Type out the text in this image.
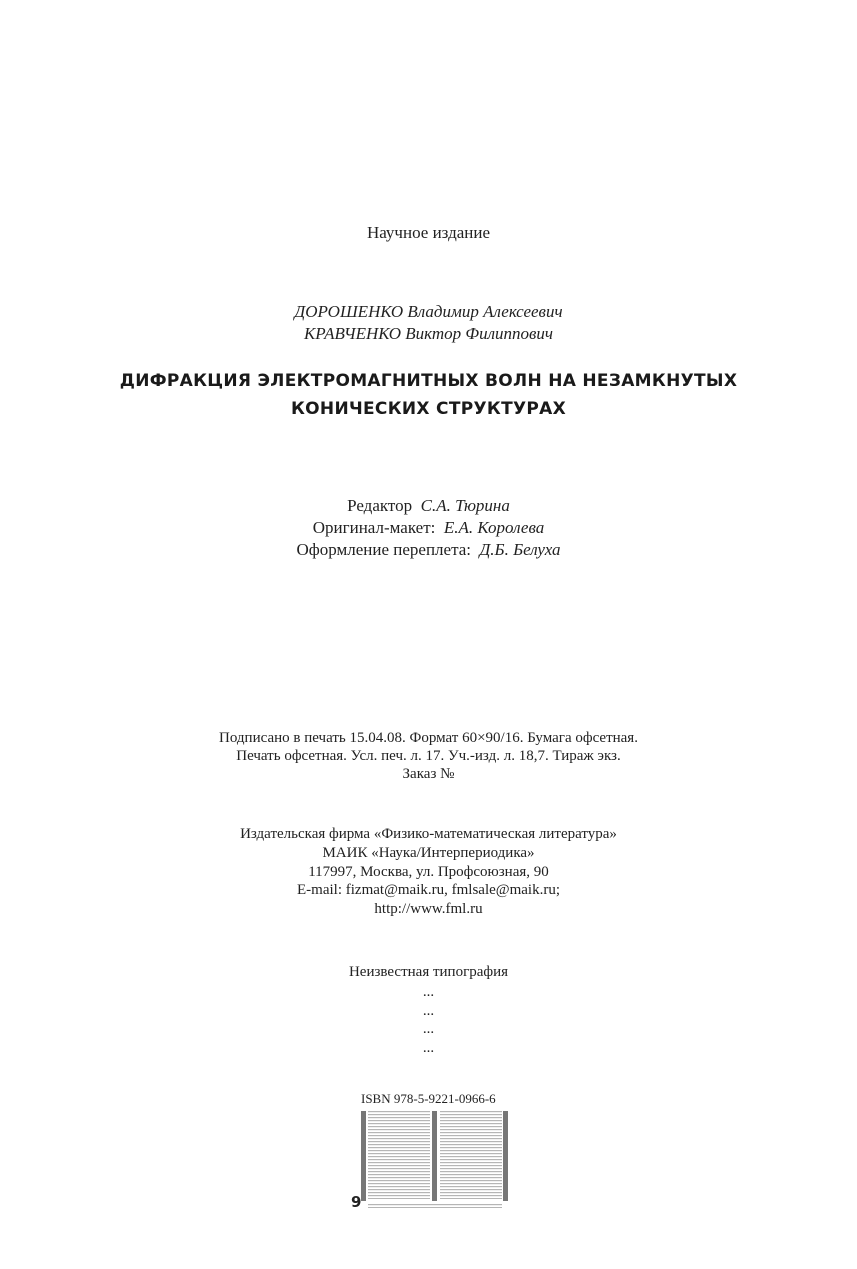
Научное издание
ДОРОШЕНКО Владимир Алексеевич
КРАВЧЕНКО Виктор Филиппович
ДИФРАКЦИЯ ЭЛЕКТРОМАГНИТНЫХ ВОЛН НА НЕЗАМКНУТЫХ
КОНИЧЕСКИХ СТРУКТУРАХ
Редактор С.А. Тюрина
Оригинал-макет: Е.А. Королева
Оформление переплета: Д.Б. Белуха
Подписано в печать 15.04.08. Формат 60×90/16. Бумага офсетная.
Печать офсетная. Усл. печ. л. 17. Уч.-изд. л. 18,7. Тираж экз.
Заказ №
Издательская фирма «Физико-математическая литература»
МАИК «Наука/Интерпериодика»
117997, Москва, ул. Профсоюзная, 90
E-mail: fizmat@maik.ru, fmlsale@maik.ru;
http://www.fml.ru
Неизвестная типография
...
...
...
...
ISBN 978-5-9221-0966-6
9
